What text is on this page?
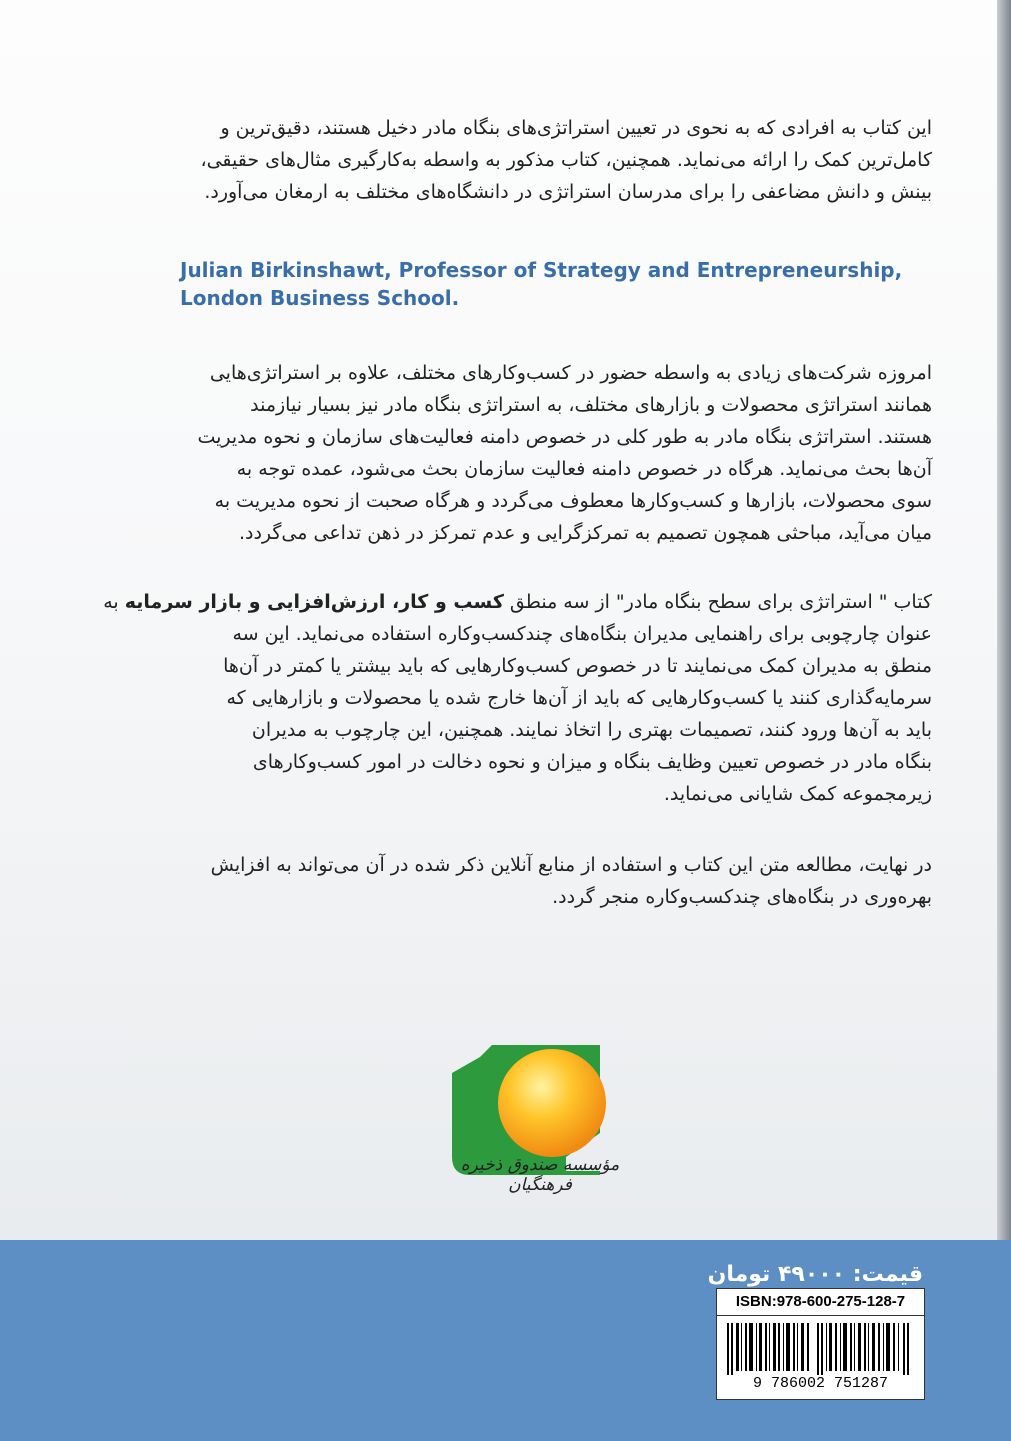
این کتاب به افرادی که به نحوی در تعیین استراتژی‌های بنگاه مادر دخیل هستند، دقیق‌ترین و

کامل‌ترین کمک را ارائه می‌نماید. همچنین، کتاب مذکور به واسطه به‌کارگیری مثال‌های حقیقی،

بینش و دانش مضاعفی را برای مدرسان استراتژی در دانشگاه‌های مختلف به ارمغان می‌آورد.

Julian Birkinshawt, Professor of Strategy and Entrepreneurship, London Business School.

امروزه شرکت‌های زیادی به واسطه حضور در کسب‌وکارهای مختلف، علاوه بر استراتژی‌هایی

همانند استراتژی محصولات و بازارهای مختلف، به استراتژی بنگاه مادر نیز بسیار نیازمند

هستند. استراتژی بنگاه مادر به طور کلی در خصوص دامنه فعالیت‌های سازمان و نحوه مدیریت

آن‌ها بحث می‌نماید. هرگاه در خصوص دامنه فعالیت سازمان بحث می‌شود، عمده توجه به

سوی محصولات، بازارها و کسب‌وکارها معطوف می‌گردد و هرگاه صحبت از نحوه مدیریت به

میان می‌آید، مباحثی همچون تصمیم به تمرکزگرایی و عدم تمرکز در ذهن تداعی می‌گردد.

کتاب " استراتژی برای سطح بنگاه مادر" از سه منطق کسب و کار، ارزش‌افزایی و بازار سرمایه به

عنوان چارچوبی برای راهنمایی مدیران بنگاه‌های چندکسب‌وکاره استفاده می‌نماید. این سه

منطق به مدیران کمک می‌نمایند تا در خصوص کسب‌وکارهایی که باید بیشتر یا کمتر در آن‌ها

سرمایه‌گذاری کنند یا کسب‌وکارهایی که باید از آن‌ها خارج شده یا محصولات و بازارهایی که

باید به آن‌ها ورود کنند، تصمیمات بهتری را اتخاذ نمایند. همچنین، این چارچوب به مدیران

بنگاه مادر در خصوص تعیین وظایف بنگاه و میزان و نحوه دخالت در امور کسب‌وکارهای

زیرمجموعه کمک شایانی می‌نماید.

در نهایت، مطالعه متن این کتاب و استفاده از منابع آنلاین ذکر شده در آن می‌تواند به افزایش

بهره‌وری در بنگاه‌های چندکسب‌وکاره منجر گردد.

مؤسسه صندوق ذخیره فرهنگیان
قیمت: ۴۹۰۰۰ تومان
ISBN:978-600-275-128-7
9 786002 751287
